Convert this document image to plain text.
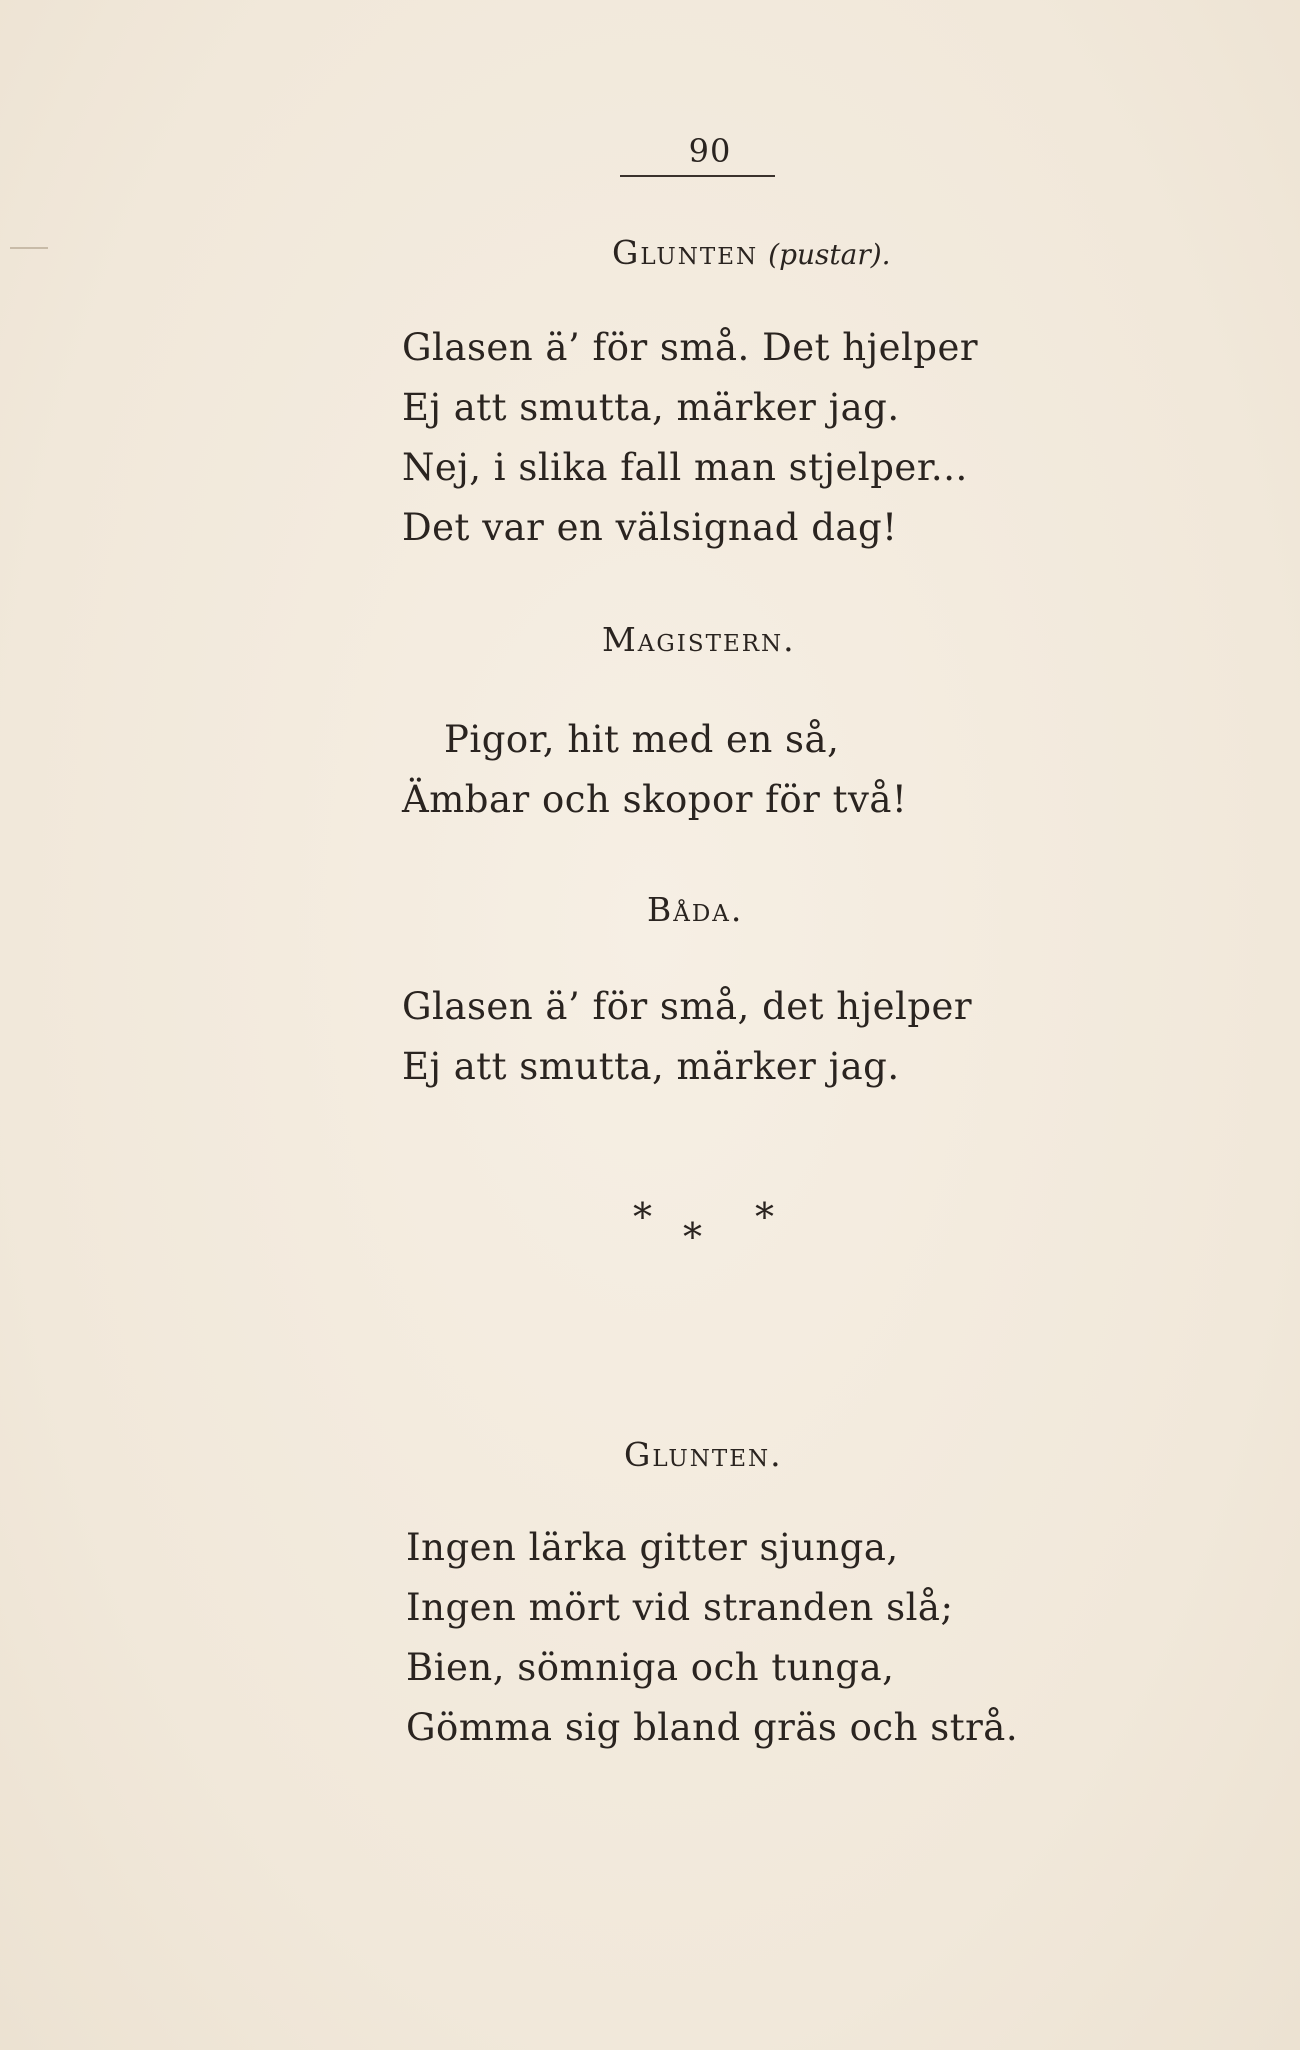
90
Glunten (pustar).
Glasen ä’ för små. Det hjelper
Ej att smutta, märker jag.
Nej, i slika fall man stjelper...
Det var en välsignad dag!
Magistern.
Pigor, hit med en så,
Ämbar och skopor för två!
Båda.
Glasen ä’ för små, det hjelper
Ej att smutta, märker jag.
* * *
Glunten.
Ingen lärka gitter sjunga,
Ingen mört vid stranden slå;
Bien, sömniga och tunga,
Gömma sig bland gräs och strå.
